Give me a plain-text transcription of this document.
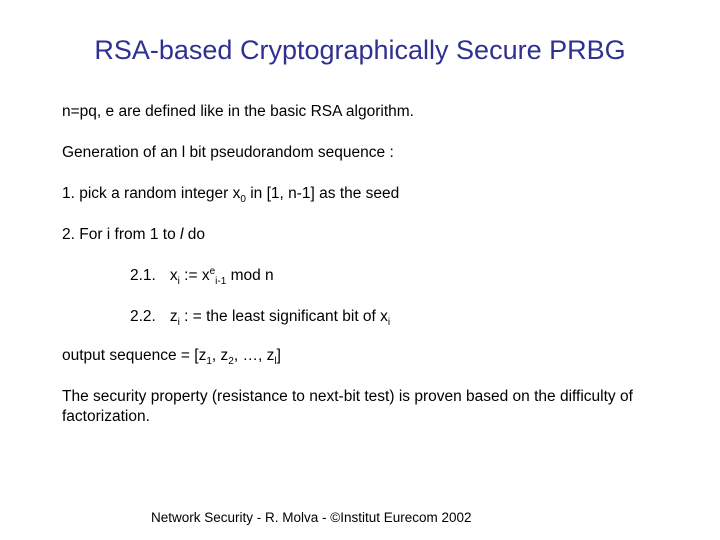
RSA-based Cryptographically Secure PRBG
n=pq, e are defined like in the basic RSA algorithm.
Generation of an l bit pseudorandom sequence :
1. pick a random integer $x_0$ in [1, n-1] as the seed
2. For i from 1 to l do
2.1. $x_i$ := $x^e_{i-1}$ mod n
2.2. $z_i$ : = the least significant bit of $x_i$
output sequence = [$z_1$, $z_2$, …, $z_l$]
The security property (resistance to next-bit test) is proven based on the difficulty of factorization.
Network Security - R. Molva - ©Institut Eurecom 2002
